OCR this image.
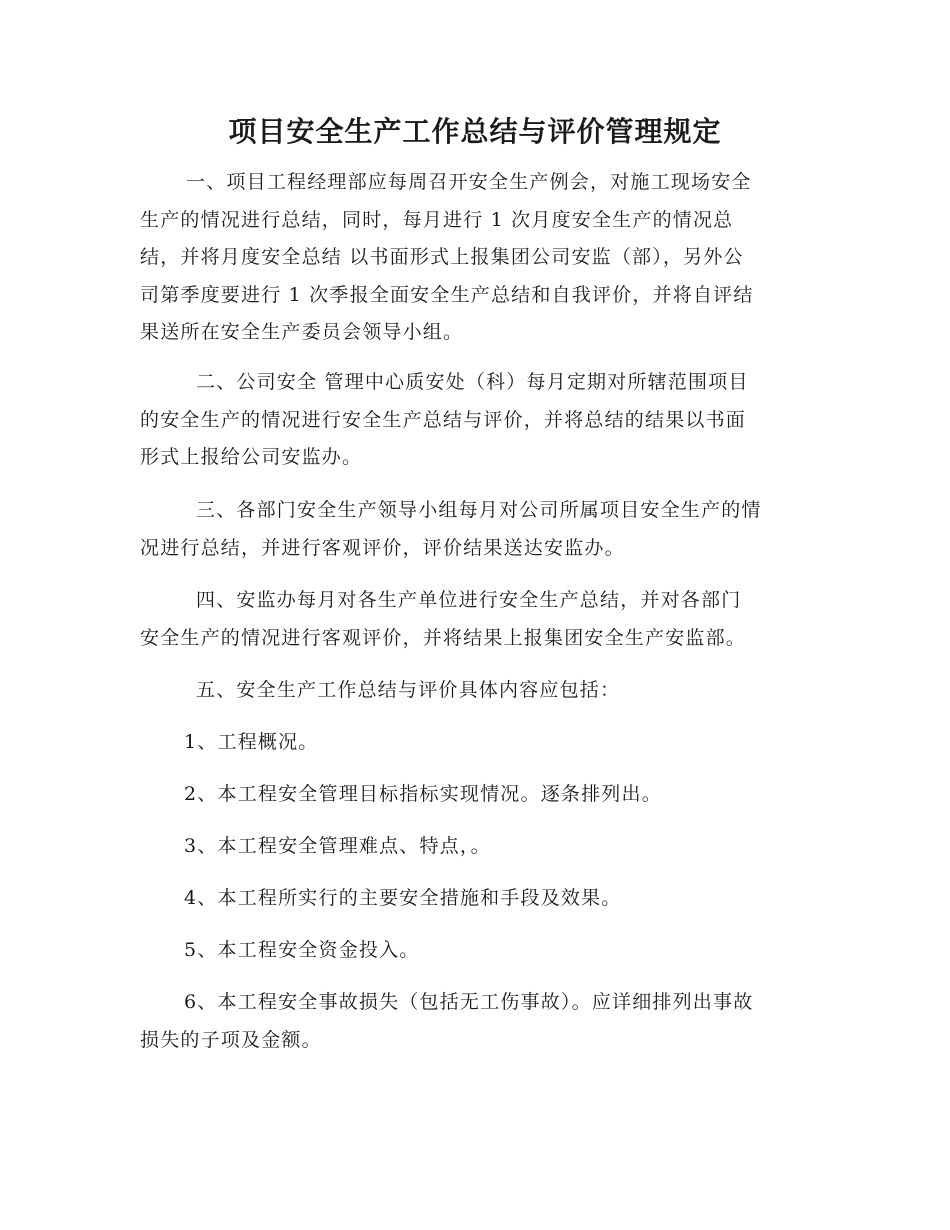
项目安全生产工作总结与评价管理规定
一、项目工程经理部应每周召开安全生产例会，对施工现场安全
生产的情况进行总结，同时，每月进行 1 次月度安全生产的情况总
结，并将月度安全总结 以书面形式上报集团公司安监（部），另外公
司第季度要进行 1 次季报全面安全生产总结和自我评价，并将自评结
果送所在安全生产委员会领导小组。
二、公司安全 管理中心质安处（科）每月定期对所辖范围项目
的安全生产的情况进行安全生产总结与评价，并将总结的结果以书面
形式上报给公司安监办。
三、各部门安全生产领导小组每月对公司所属项目安全生产的情
况进行总结，并进行客观评价，评价结果送达安监办。
四、安监办每月对各生产单位进行安全生产总结，并对各部门
安全生产的情况进行客观评价，并将结果上报集团安全生产安监部。
五、安全生产工作总结与评价具体内容应包括：
1、工程概况。
2、本工程安全管理目标指标实现情况。逐条排列出。
3、本工程安全管理难点、特点，。
4、本工程所实行的主要安全措施和手段及效果。
5、本工程安全资金投入。
6、本工程安全事故损失（包括无工伤事故）。应详细排列出事故
损失的子项及金额。
